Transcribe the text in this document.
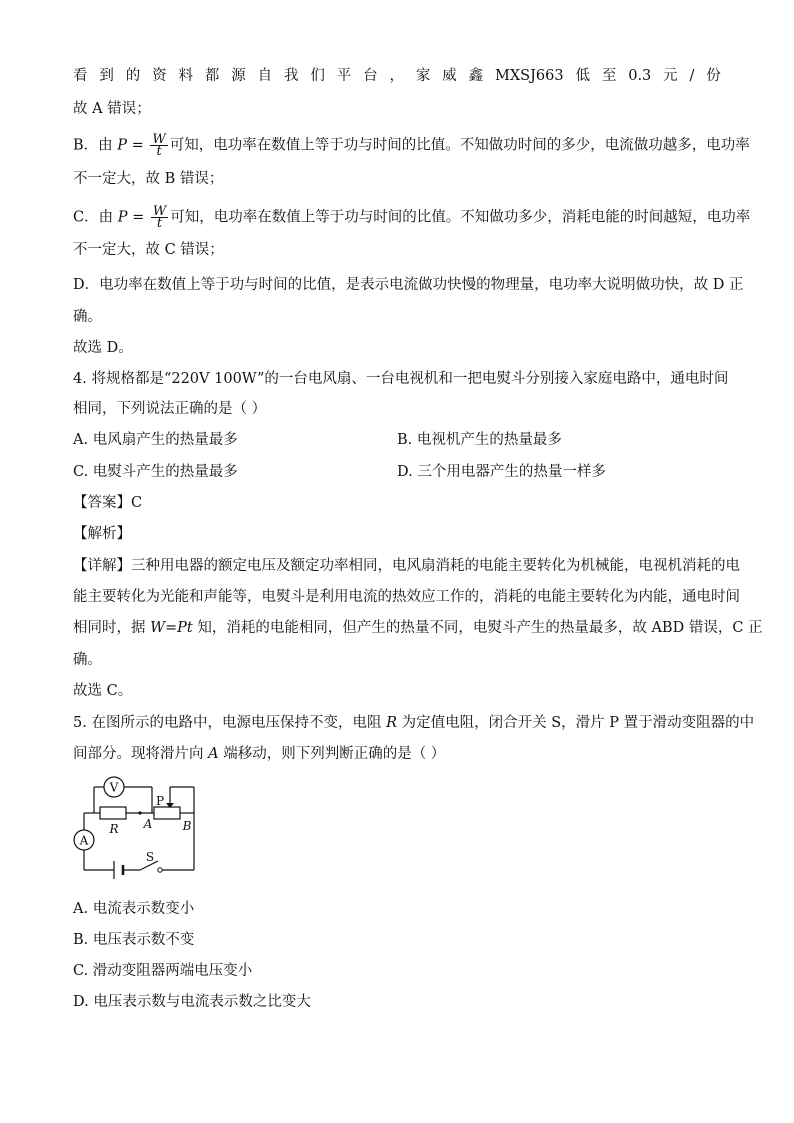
看 到 的 资 料 都 源 自 我 们 平 台 ， 家 威 鑫 MXSJ663 低 至 0.3 元 / 份
故 A 错误；
B．由 $P = \frac{W}{t}$ 可知，电功率在数值上等于功与时间的比值。不知做功时间的多少，电流做功越多，电功率
不一定大，故 B 错误；
C．由 $P = \frac{W}{t}$ 可知，电功率在数值上等于功与时间的比值。不知做功多少，消耗电能的时间越短，电功率
不一定大，故 C 错误；
D．电功率在数值上等于功与时间的比值，是表示电流做功快慢的物理量，电功率大说明做功快，故 D 正
确。
故选 D。
4. 将规格都是“220V 100W”的一台电风扇、一台电视机和一把电熨斗分别接入家庭电路中，通电时间
相同，下列说法正确的是（ ）
A. 电风扇产生的热量最多	B. 电视机产生的热量最多
C. 电熨斗产生的热量最多	D. 三个用电器产生的热量一样多
【答案】C
【解析】
【详解】三种用电器的额定电压及额定功率相同，电风扇消耗的电能主要转化为机械能，电视机消耗的电
能主要转化为光能和声能等，电熨斗是利用电流的热效应工作的，消耗的电能主要转化为内能，通电时间
相同时，据 W=Pt 知，消耗的电能相同，但产生的热量不同，电熨斗产生的热量最多，故 ABD 错误，C 正
确。
故选 C。
5. 在图所示的电路中，电源电压保持不变，电阻 R 为定值电阻，闭合开关 S，滑片 P 置于滑动变阻器的中
间部分。现将滑片向 A 端移动，则下列判断正确的是（ ）
V
A
P
R A	B
S
A. 电流表示数变小
B. 电压表示数不变
C. 滑动变阻器两端电压变小
D. 电压表示数与电流表示数之比变大
